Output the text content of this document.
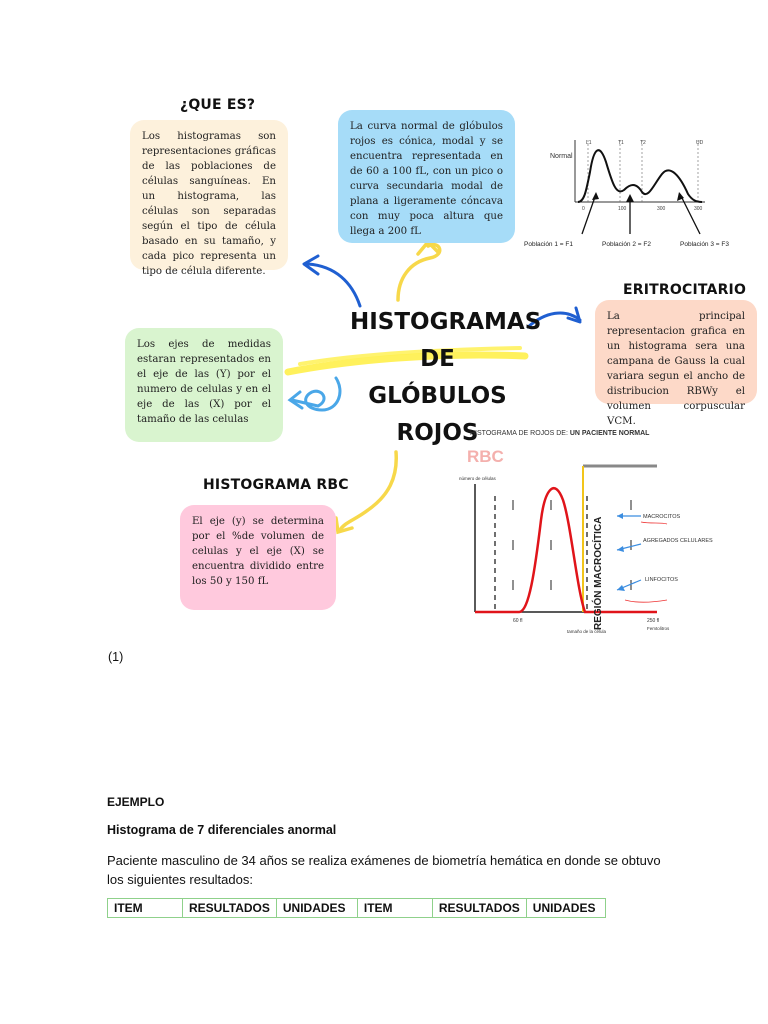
¿QUE ES?
Los histogramas son representaciones gráficas de las poblaciones de células sanguíneas. En un histograma, las células son separadas según el tipo de célula basado en su tamaño, y cada pico representa un tipo de célula diferente.
La curva normal de glóbulos rojos es cónica, modal y se encuentra representada en de 60 a 100 fL, con un pico o curva secundaria modal de plana a ligeramente cóncava con muy poca altura que llega a 200 fL
Normal
L1	T1	T2	UD
0	100	300	300
Población 1 = F1	Población 2 = F2	Población 3 = F3
HISTOGRAMAS
DE GLÓBULOS
ROJOS
ERITROCITARIO
La principal representacion grafica en un histograma sera una campana de Gauss la cual variara segun el ancho de distribucion RBWy el volumen corpuscular VCM.
Los ejes de medidas estaran representados en el eje de las (Y) por el numero de celulas y en el eje de las (X) por el tamaño de las celulas
HISTOGRAMA RBC
El eje (y) se determina por el %de volumen de celulas y el eje (X) se encuentra dividido entre los 50 y 150 fL
HISTOGRAMA DE ROJOS DE: UN PACIENTE NORMAL
RBC
número de células
REGIÓN MACROCÍTICA	MACROCITOS
AGREGADOS CELULARES
LINFOCITOS
60 fl	250 fl
tamaño de la célula
Femtolitros
(1)
EJEMPLO
Histograma de 7 diferenciales anormal
Paciente masculino de 34 años se realiza exámenes de biometría hemática en donde se obtuvo los siguientes resultados:
ITEM	RESULTADOS	UNIDADES	ITEM	RESULTADOS	UNIDADES
